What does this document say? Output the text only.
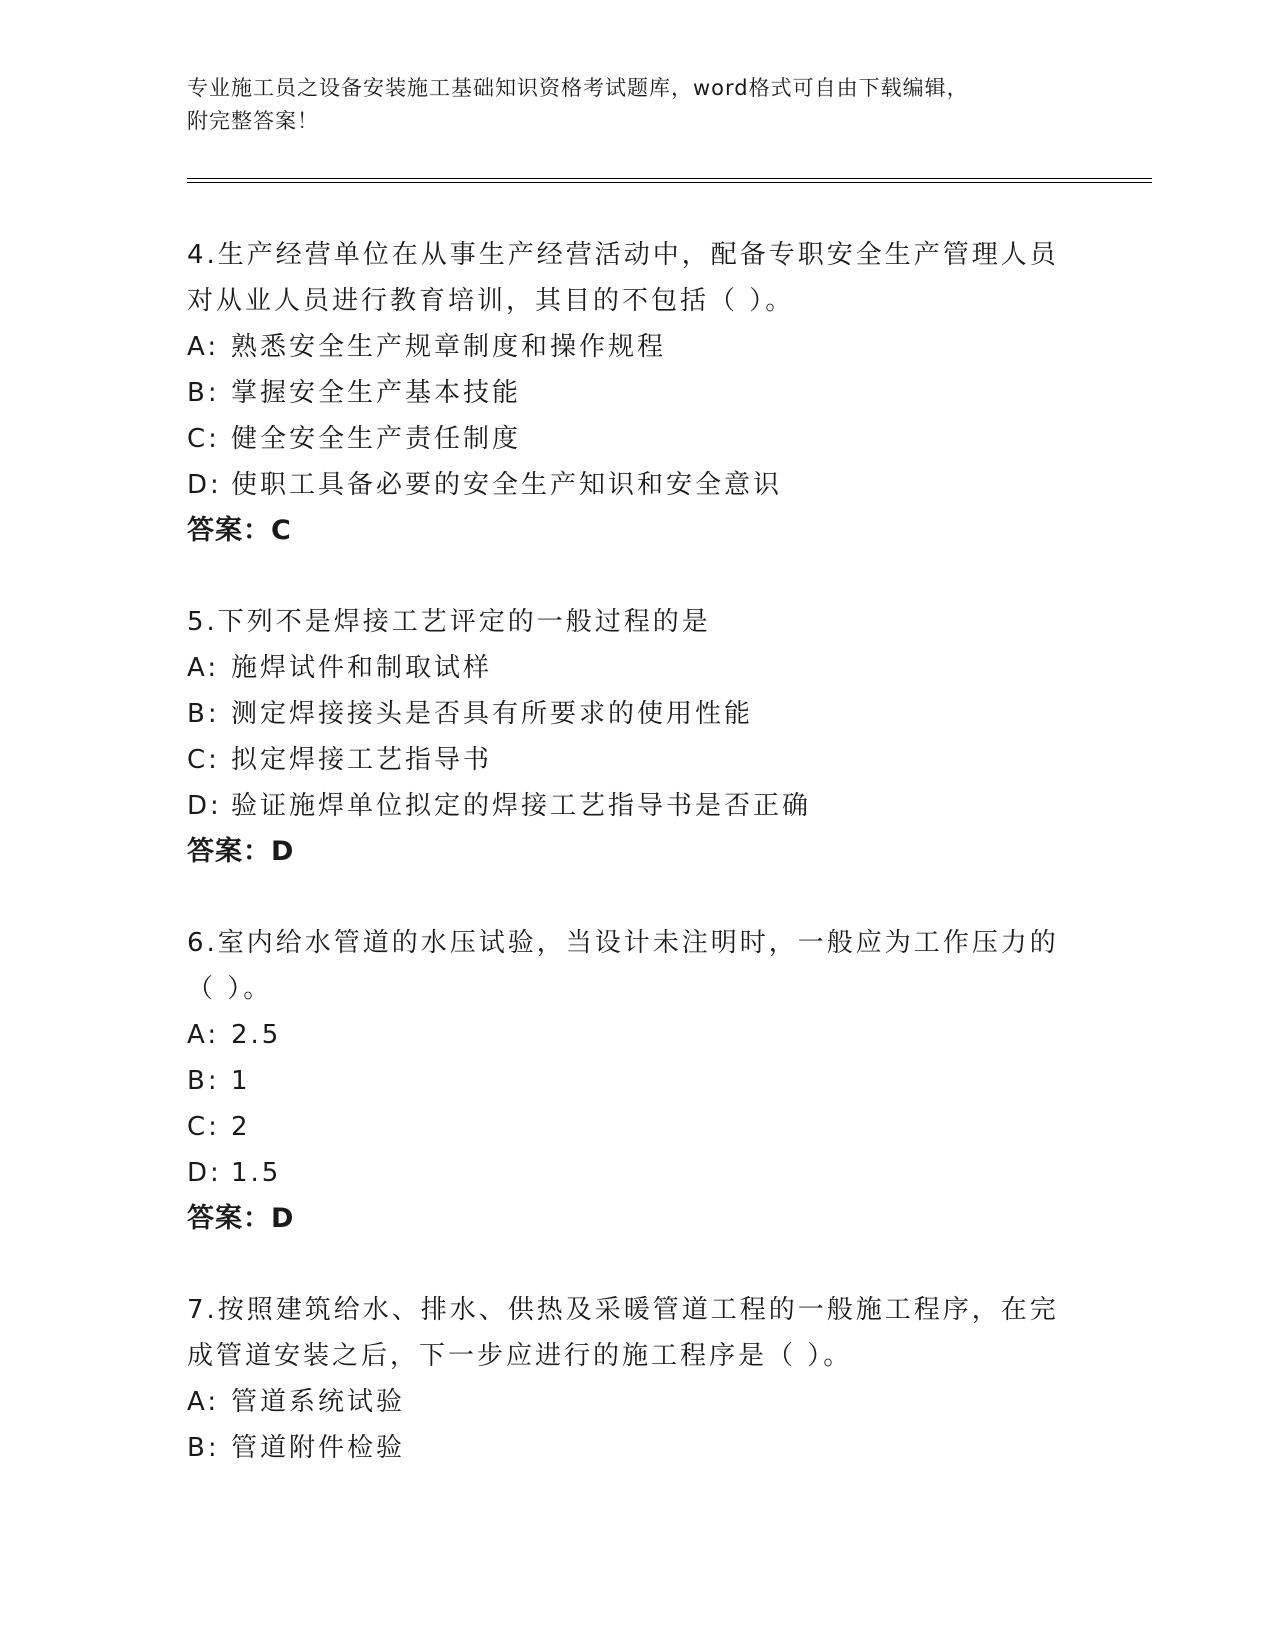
专业施工员之设备安装施工基础知识资格考试题库，word格式可自由下载编辑，
附完整答案！
4.生产经营单位在从事生产经营活动中，配备专职安全生产管理人员对从业人员进行教育培训，其目的不包括（ ）。
A: 熟悉安全生产规章制度和操作规程
B: 掌握安全生产基本技能
C: 健全安全生产责任制度
D: 使职工具备必要的安全生产知识和安全意识
答案：C
5.下列不是焊接工艺评定的一般过程的是
A: 施焊试件和制取试样
B: 测定焊接接头是否具有所要求的使用性能
C: 拟定焊接工艺指导书
D: 验证施焊单位拟定的焊接工艺指导书是否正确
答案：D
6.室内给水管道的水压试验，当设计未注明时，一般应为工作压力的（ ）。
A: 2.5
B: 1
C: 2
D: 1.5
答案：D
7.按照建筑给水、排水、供热及采暖管道工程的一般施工程序，在完成管道安装之后，下一步应进行的施工程序是（ ）。
A: 管道系统试验
B: 管道附件检验
